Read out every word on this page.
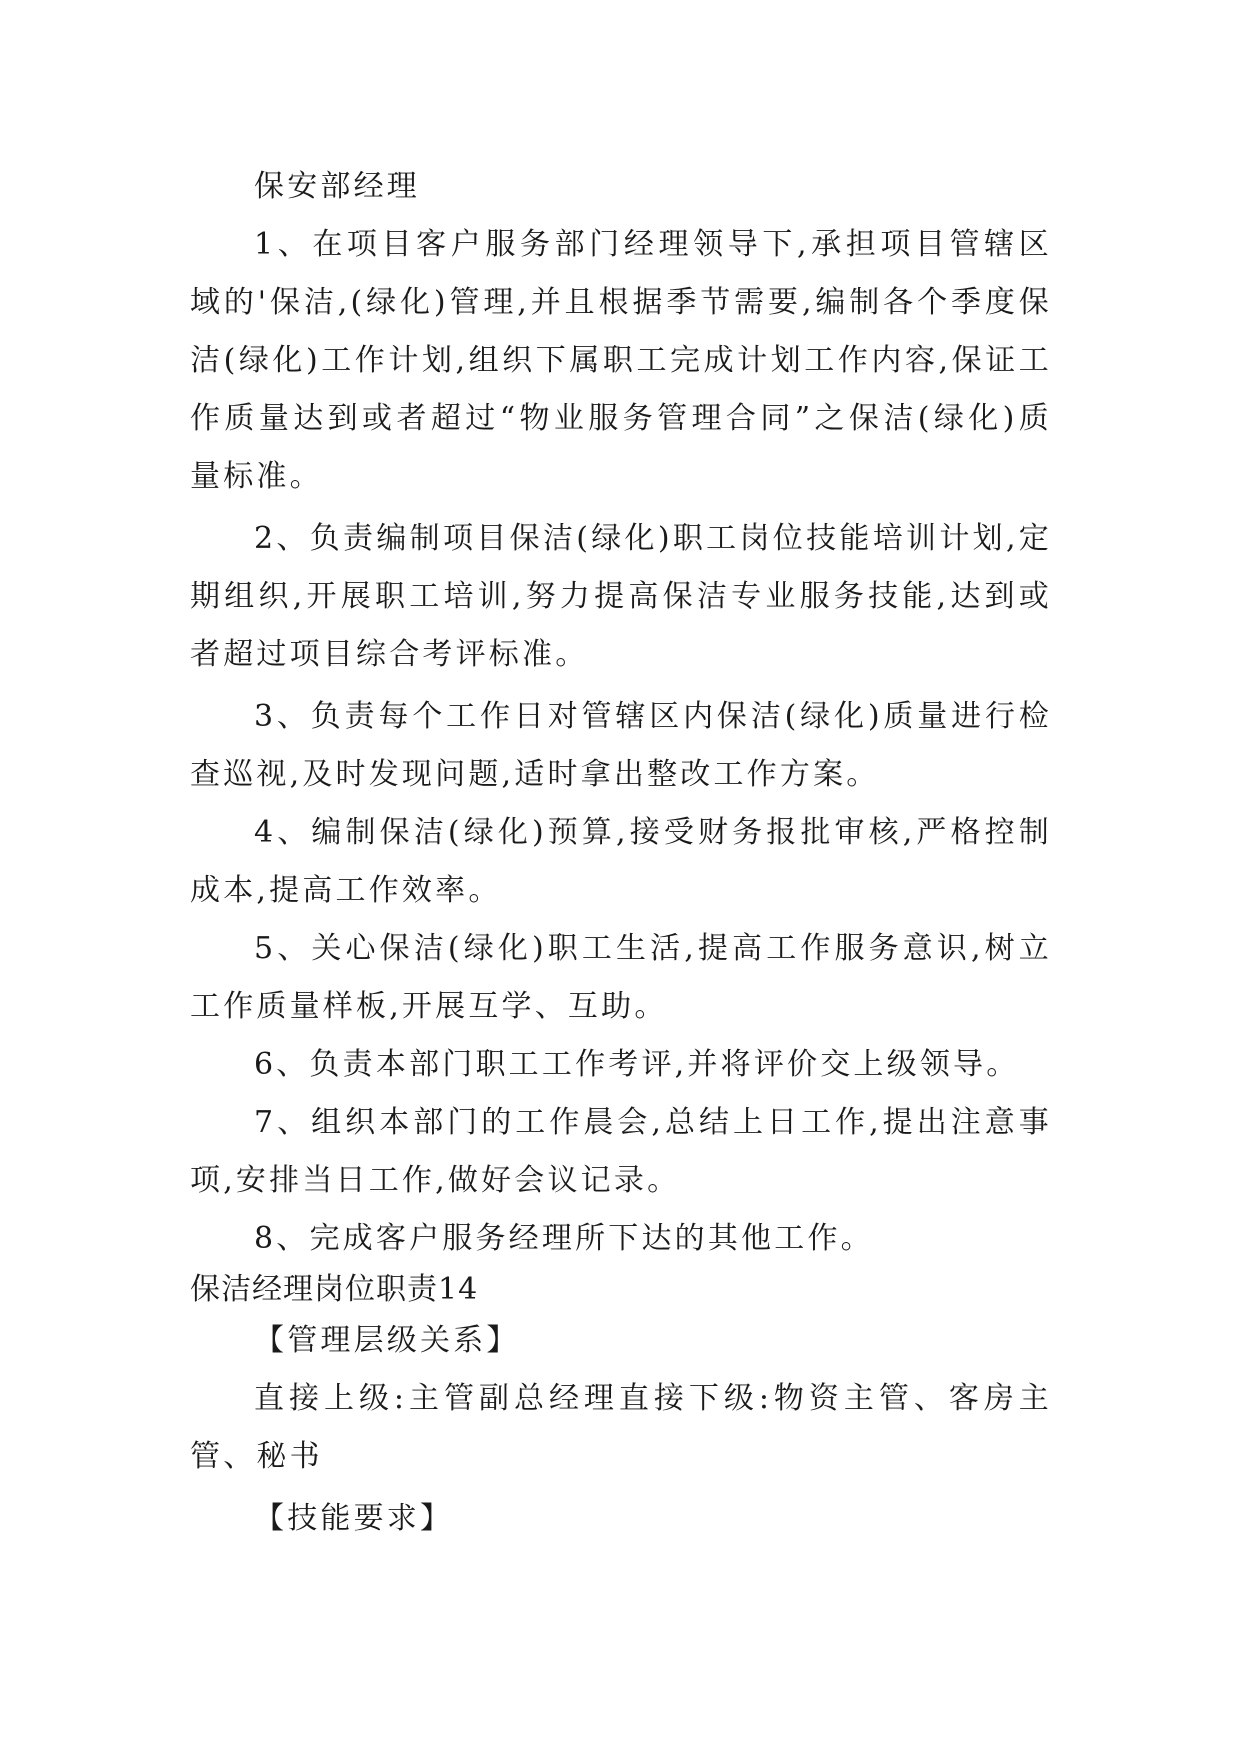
保安部经理

1、在项目客户服务部门经理领导下,承担项目管辖区域的'保洁,(绿化)管理,并且根据季节需要,编制各个季度保洁(绿化)工作计划,组织下属职工完成计划工作内容,保证工作质量达到或者超过“物业服务管理合同”之保洁(绿化)质量标准。

2、负责编制项目保洁(绿化)职工岗位技能培训计划,定期组织,开展职工培训,努力提高保洁专业服务技能,达到或者超过项目综合考评标准。

3、负责每个工作日对管辖区内保洁(绿化)质量进行检查巡视,及时发现问题,适时拿出整改工作方案。

4、编制保洁(绿化)预算,接受财务报批审核,严格控制成本,提高工作效率。

5、关心保洁(绿化)职工生活,提高工作服务意识,树立工作质量样板,开展互学、互助。

6、负责本部门职工工作考评,并将评价交上级领导。

7、组织本部门的工作晨会,总结上日工作,提出注意事项,安排当日工作,做好会议记录。

8、完成客户服务经理所下达的其他工作。

保洁经理岗位职责14

【管理层级关系】

直接上级:主管副总经理直接下级:物资主管、客房主管、秘书

【技能要求】
